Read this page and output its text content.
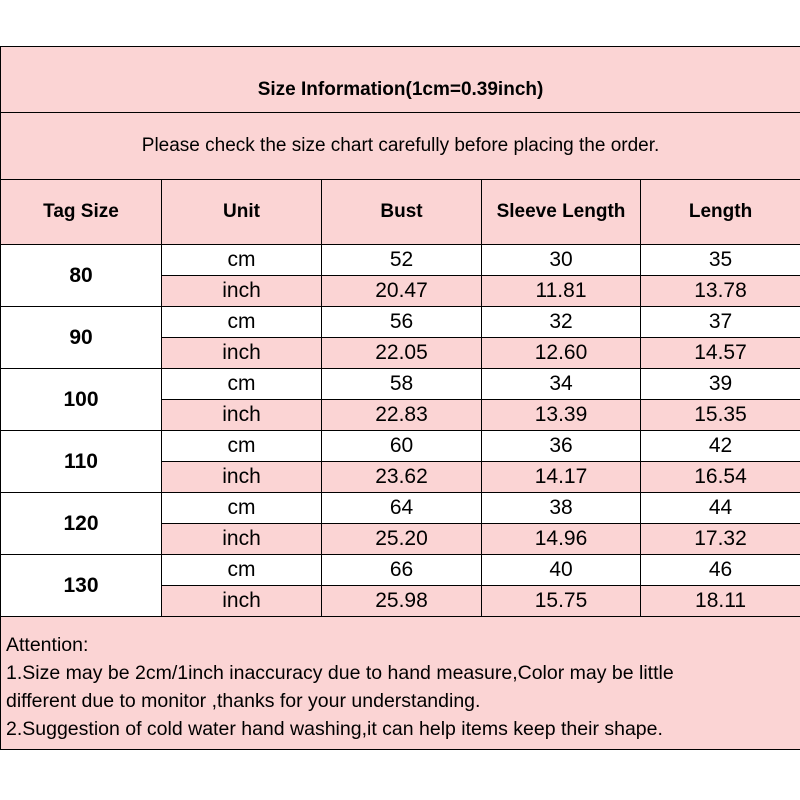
Size Information(1cm=0.39inch)				
Please check the size chart carefully before placing the order.				
Tag Size	Unit	Bust	Sleeve Length	Length
80	cm	52	30	35
	inch	20.47	11.81	13.78
90	cm	56	32	37
	inch	22.05	12.60	14.57
100	cm	58	34	39
	inch	22.83	13.39	15.35
110	cm	60	36	42
	inch	23.62	14.17	16.54
120	cm	64	38	44
	inch	25.20	14.96	17.32
130	cm	66	40	46
	inch	25.98	15.75	18.11

Attention:
1.Size may be 2cm/1inch inaccuracy due to hand measure,Color may be little
different due to monitor ,thanks for your understanding.
2.Suggestion of cold water hand washing,it can help items keep their shape.				
